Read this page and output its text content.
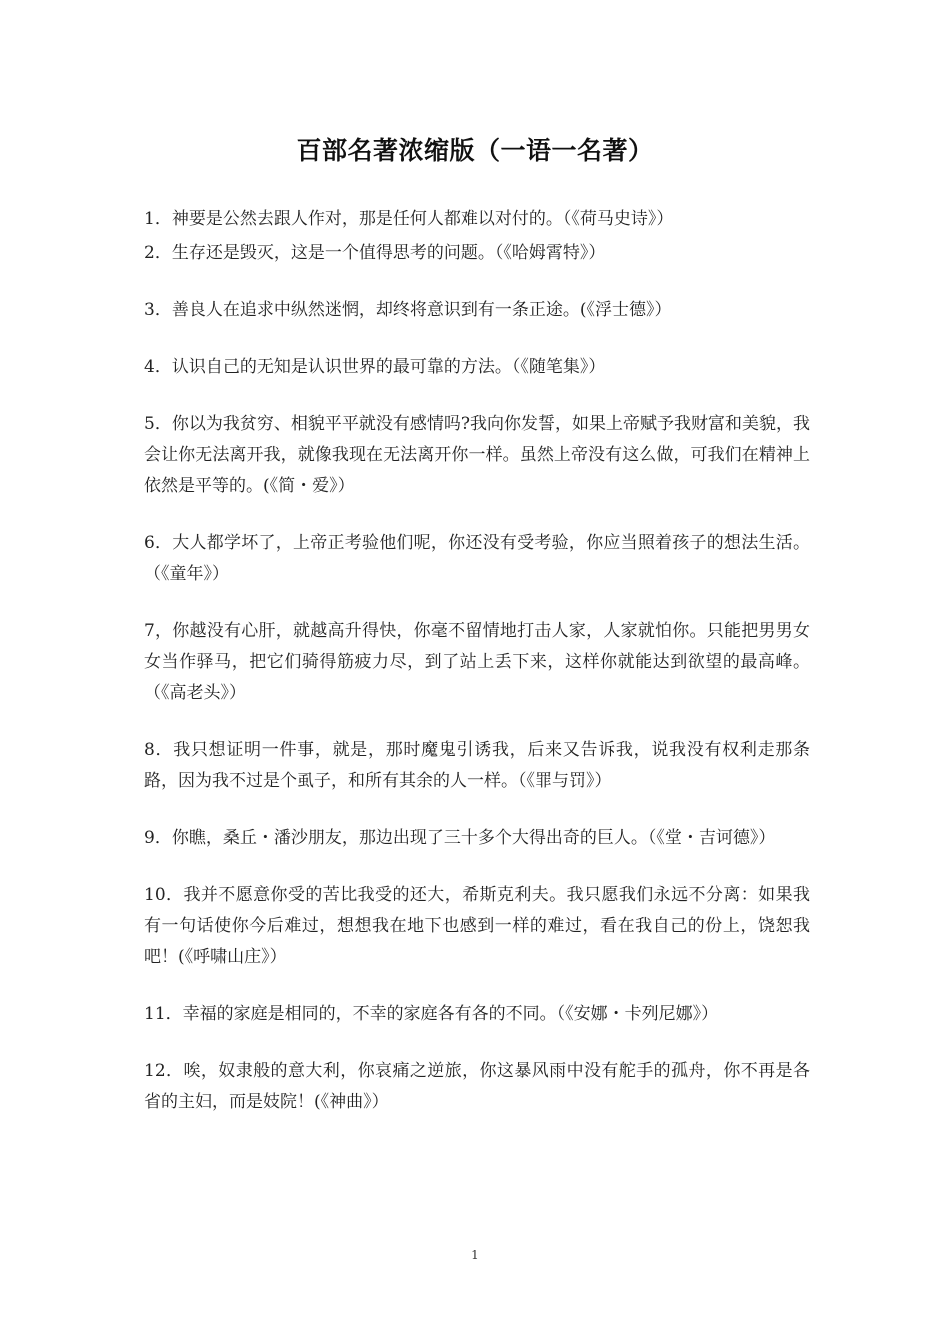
百部名著浓缩版（一语一名著）

1．神要是公然去跟人作对，那是任何人都难以对付的。（《荷马史诗》）

2．生存还是毁灭，这是一个值得思考的问题。（《哈姆霄特》）

3．善良人在追求中纵然迷惘，却终将意识到有一条正途。(《浮士德》）

4．认识自己的无知是认识世界的最可靠的方法。（《随笔集》）

5．你以为我贫穷、相貌平平就没有感情吗?我向你发誓，如果上帝赋予我财富和美貌，我会让你无法离开我，就像我现在无法离开你一样。虽然上帝没有这么做，可我们在精神上依然是平等的。(《简・爱》）

6．大人都学坏了，上帝正考验他们呢，你还没有受考验，你应当照着孩子的想法生活。（《童年》）

7，你越没有心肝，就越高升得快，你毫不留情地打击人家，人家就怕你。只能把男男女女当作驿马，把它们骑得筋疲力尽，到了站上丢下来，这样你就能达到欲望的最高峰。（《高老头》）

8．我只想证明一件事，就是，那时魔鬼引诱我，后来又告诉我，说我没有权利走那条路，因为我不过是个虱子，和所有其余的人一样。（《罪与罚》）

9．你瞧，桑丘・潘沙朋友，那边出现了三十多个大得出奇的巨人。（《堂・吉诃德》）

10．我并不愿意你受的苦比我受的还大，希斯克利夫。我只愿我们永远不分离：如果我有一句话使你今后难过，想想我在地下也感到一样的难过，看在我自己的份上，饶恕我吧！(《呼啸山庄》）

11．幸福的家庭是相同的，不幸的家庭各有各的不同。（《安娜・卡列尼娜》）

12．唉，奴隶般的意大利，你哀痛之逆旅，你这暴风雨中没有舵手的孤舟，你不再是各省的主妇，而是妓院！(《神曲》）

1
